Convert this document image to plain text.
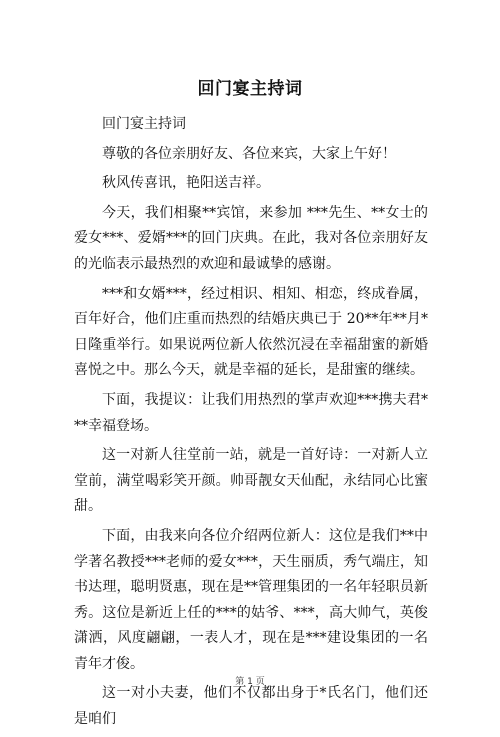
回门宴主持词

回门宴主持词

尊敬的各位亲朋好友、各位来宾，大家上午好！

秋风传喜讯，艳阳送吉祥。

今天，我们相聚**宾馆，来参加 ***先生、**女士的爱女***、爱婿***的回门庆典。在此，我对各位亲朋好友的光临表示最热烈的欢迎和最诚挚的感谢。

***和女婿***，经过相识、相知、相恋，终成眷属，百年好合，他们庄重而热烈的结婚庆典已于 20**年**月*日隆重举行。如果说两位新人依然沉浸在幸福甜蜜的新婚喜悦之中。那么今天，就是幸福的延长，是甜蜜的继续。

下面，我提议：让我们用热烈的掌声欢迎***携夫君***幸福登场。

这一对新人往堂前一站，就是一首好诗：一对新人立堂前，满堂喝彩笑开颜。帅哥靓女天仙配，永结同心比蜜甜。

下面，由我来向各位介绍两位新人：这位是我们**中学著名教授***老师的爱女***，天生丽质，秀气端庄，知书达理，聪明贤惠，现在是**管理集团的一名年轻职员新秀。这位是新近上任的***的姑爷、***，高大帅气，英俊潇洒，风度翩翩，一表人才，现在是***建设集团的一名青年才俊。

这一对小夫妻，他们不仅都出身于*氏名门，他们还是咱们

第 1 页
